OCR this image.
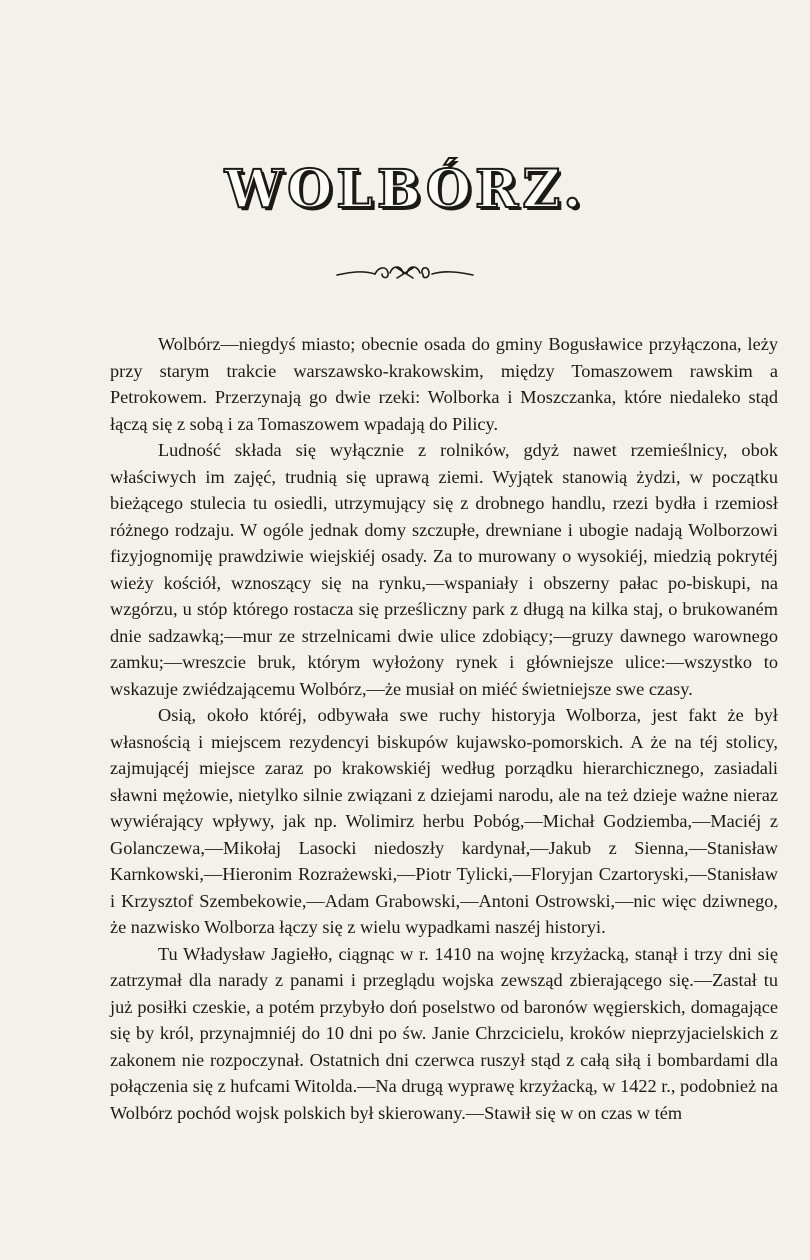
WOLBÓRZ.

Wolbórz—niegdyś miasto; obecnie osada do gminy Bogusławice przyłączona, leży przy starym trakcie warszawsko-krakowskim, między Tomaszowem rawskim a Petrokowem. Przerzynają go dwie rzeki: Wolborka i Moszczanka, które niedaleko stąd łączą się z sobą i za Tomaszowem wpadają do Pilicy.

Ludność składa się wyłącznie z rolników, gdyż nawet rzemieślnicy, obok właściwych im zajęć, trudnią się uprawą ziemi. Wyjątek stanowią żydzi, w początku bieżącego stulecia tu osiedli, utrzymujący się z drobnego handlu, rzezi bydła i rzemiosł różnego rodzaju. W ogóle jednak domy szczupłe, drewniane i ubogie nadają Wolborzowi fizyjognomiję prawdziwie wiejskiéj osady. Za to murowany o wysokiéj, miedzią pokrytéj wieży kościół, wznoszący się na rynku,—wspaniały i obszerny pałac po-biskupi, na wzgórzu, u stóp którego rostacza się prześliczny park z długą na kilka staj, o brukowaném dnie sadzawką;—mur ze strzelnicami dwie ulice zdobiący;—gruzy dawnego warownego zamku;—wreszcie bruk, którym wyłożony rynek i główniejsze ulice:—wszystko to wskazuje zwiédzającemu Wolbórz,—że musiał on miéć świetniejsze swe czasy.

Osią, około któréj, odbywała swe ruchy historyja Wolborza, jest fakt że był własnością i miejscem rezydencyi biskupów kujawsko-pomorskich. A że na téj stolicy, zajmującéj miejsce zaraz po krakowskiéj według porządku hierarchicznego, zasiadali sławni mężowie, nietylko silnie związani z dziejami narodu, ale na też dzieje ważne nieraz wywiérający wpływy, jak np. Wolimirz herbu Pobóg,—Michał Godziemba,—Maciéj z Golanczewa,—Mikołaj Lasocki niedoszły kardynał,—Jakub z Sienna,—Stanisław Karnkowski,—Hieronim Rozrażewski,—Piotr Tylicki,—Floryjan Czartoryski,—Stanisław i Krzysztof Szembekowie,—Adam Grabowski,—Antoni Ostrowski,—nic więc dziwnego, że nazwisko Wolborza łączy się z wielu wypadkami naszéj historyi.

Tu Władysław Jagiełło, ciągnąc w r. 1410 na wojnę krzyżacką, stanął i trzy dni się zatrzymał dla narady z panami i przeglądu wojska zewsząd zbierającego się.—Zastał tu już posiłki czeskie, a potém przybyło doń poselstwo od baronów węgierskich, domagające się by król, przynajmniéj do 10 dni po św. Janie Chrzcicielu, kroków nieprzyjacielskich z zakonem nie rozpoczynał. Ostatnich dni czerwca ruszył stąd z całą siłą i bombardami dla połączenia się z hufcami Witolda.—Na drugą wyprawę krzyżacką, w 1422 r., podobnież na Wolbórz pochód wojsk polskich był skierowany.—Stawił się w on czas w tém
